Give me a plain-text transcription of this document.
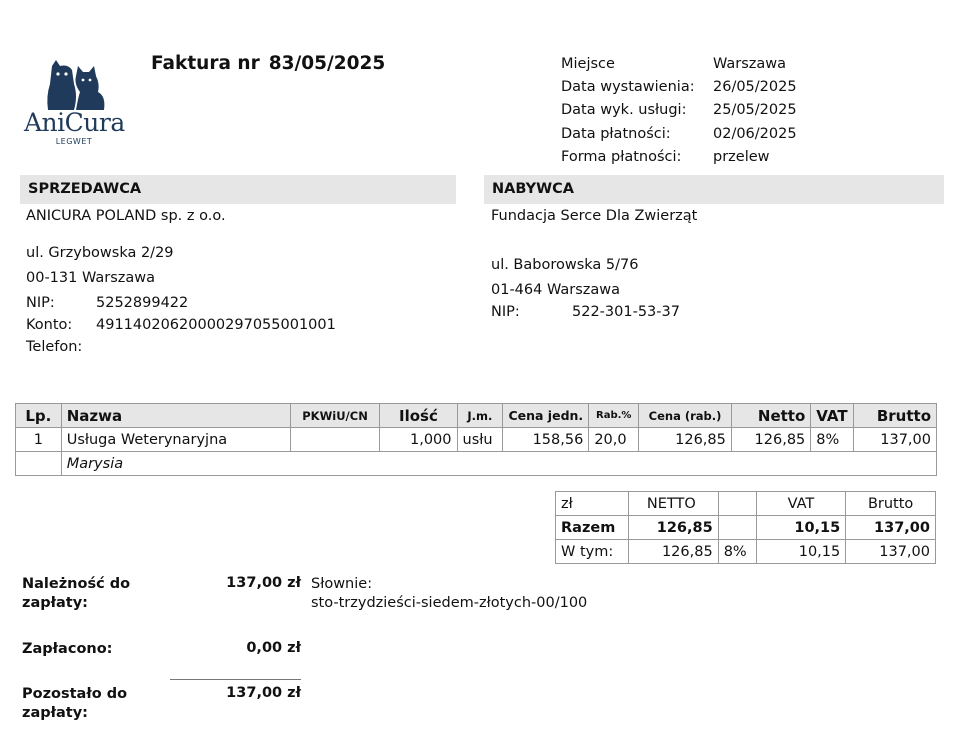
AniCura
LEGWET
Faktura nr 83/05/2025	Miejsce	Warszawa
Data wystawienia:	26/05/2025
Data wyk. usługi:	25/05/2025
Data płatności:	02/06/2025
Forma płatności:	przelew
SPRZEDAWCA
ANICURA POLAND sp. z o.o.
ul. Grzybowska 2/29
00-131 Warszawa
NIP:	5252899422
Konto:	49114020620000297055001001
Telefon:
NABYWCA
Fundacja Serce Dla Zwierząt
ul. Baborowska 5/76
01-464 Warszawa
NIP:	522-301-53-37
Lp.	Nazwa	PKWiU/CN	Ilość	J.m.	Cena jedn.	Rab.%	Cena (rab.)	Netto	VAT	Brutto
1	Usługa Weterynaryjna		1,000	usłu	158,56	20,0	126,85	126,85	8%	137,00
	Marysia									
zł	NETTO		VAT	Brutto
Razem	126,85		10,15	137,00
W tym:	126,85	8%	10,15	137,00
Należność do
zapłaty:
137,00 zł Słownie:
sto-trzydzieści-siedem-złotych-00/100
Zapłacono:	0,00 zł
Pozostało do
zapłaty:
137,00 zł
